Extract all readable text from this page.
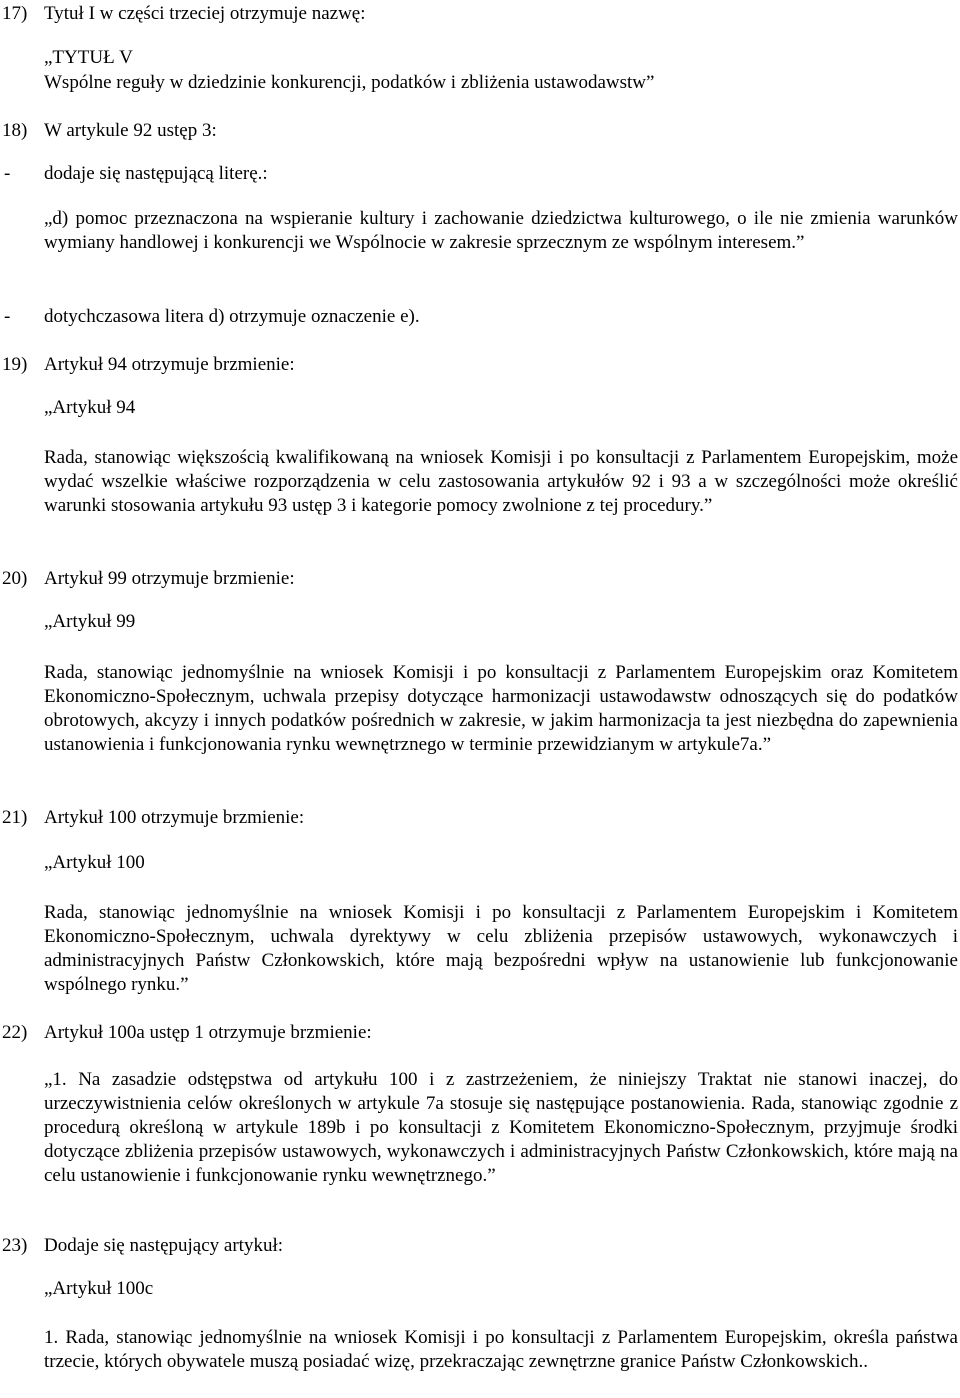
17) Tytuł I w części trzeciej otrzymuje nazwę:
„TYTUŁ V
Wspólne reguły w dziedzinie konkurencji, podatków i zbliżenia ustawodawstw”
18) W artykule 92 ustęp 3:
- dodaje się następującą literę.:
„d) pomoc przeznaczona na wspieranie kultury i zachowanie dziedzictwa kulturowego, o ile nie zmienia warunków wymiany handlowej i konkurencji we Wspólnocie w zakresie sprzecznym ze wspólnym interesem.”
- dotychczasowa litera d) otrzymuje oznaczenie e).
19) Artykuł 94 otrzymuje brzmienie:
„Artykuł 94
Rada, stanowiąc większością kwalifikowaną na wniosek Komisji i po konsultacji z Parlamentem Europejskim, może wydać wszelkie właściwe rozporządzenia w celu zastosowania artykułów 92 i 93 a w szczególności może określić warunki stosowania artykułu 93 ustęp 3 i kategorie pomocy zwolnione z tej procedury.”
20) Artykuł 99 otrzymuje brzmienie:
„Artykuł 99
Rada, stanowiąc jednomyślnie na wniosek Komisji i po konsultacji z Parlamentem Europejskim oraz Komitetem Ekonomiczno-Społecznym, uchwala przepisy dotyczące harmonizacji ustawodawstw odnoszących się do podatków obrotowych, akcyzy i innych podatków pośrednich w zakresie, w jakim harmonizacja ta jest niezbędna do zapewnienia ustanowienia i funkcjonowania rynku wewnętrznego w terminie przewidzianym w artykule7a.”
21) Artykuł 100 otrzymuje brzmienie:
„Artykuł 100
Rada, stanowiąc jednomyślnie na wniosek Komisji i po konsultacji z Parlamentem Europejskim i Komitetem Ekonomiczno-Społecznym, uchwala dyrektywy w celu zbliżenia przepisów ustawowych, wykonawczych i administracyjnych Państw Członkowskich, które mają bezpośredni wpływ na ustanowienie lub funkcjonowanie wspólnego rynku.”
22) Artykuł 100a ustęp 1 otrzymuje brzmienie:
„1. Na zasadzie odstępstwa od artykułu 100 i z zastrzeżeniem, że niniejszy Traktat nie stanowi inaczej, do urzeczywistnienia celów określonych w artykule 7a stosuje się następujące postanowienia. Rada, stanowiąc zgodnie z procedurą określoną w artykule 189b i po konsultacji z Komitetem Ekonomiczno-Społecznym, przyjmuje środki dotyczące zbliżenia przepisów ustawowych, wykonawczych i administracyjnych Państw Członkowskich, które mają na celu ustanowienie i funkcjonowanie rynku wewnętrznego.”
23) Dodaje się następujący artykuł:
„Artykuł 100c
1. Rada, stanowiąc jednomyślnie na wniosek Komisji i po konsultacji z Parlamentem Europejskim, określa państwa trzecie, których obywatele muszą posiadać wizę, przekraczając zewnętrzne granice Państw Członkowskich..
